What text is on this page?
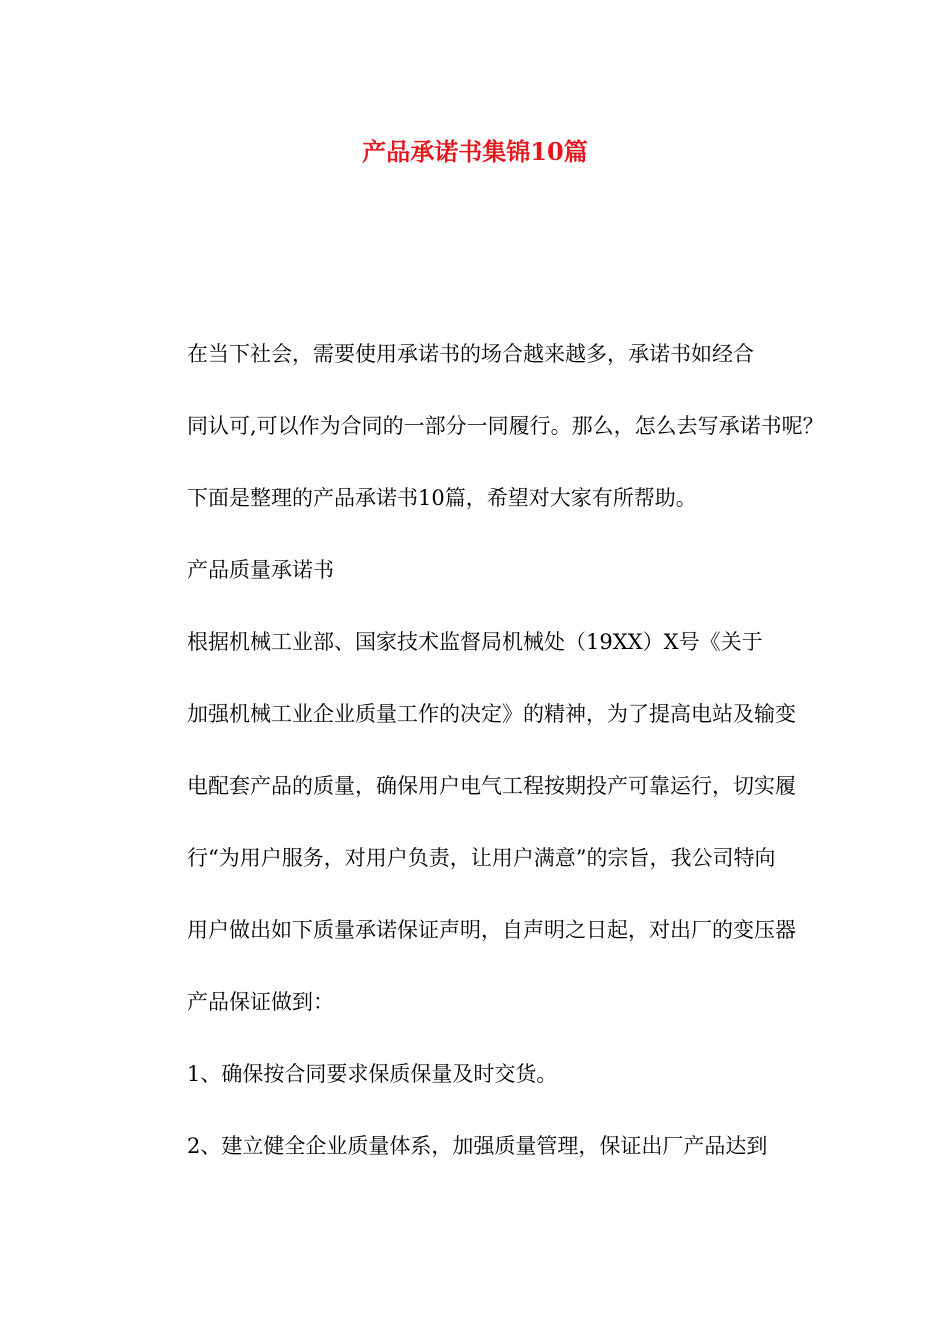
产品承诺书集锦10篇

在当下社会，需要使用承诺书的场合越来越多，承诺书如经合
同认可,可以作为合同的一部分一同履行。那么，怎么去写承诺书呢？
下面是整理的产品承诺书10篇，希望对大家有所帮助。

产品质量承诺书

根据机械工业部、国家技术监督局机械处（19XX）X号《关于
加强机械工业企业质量工作的决定》的精神，为了提高电站及输变
电配套产品的质量，确保用户电气工程按期投产可靠运行，切实履
行“为用户服务，对用户负责，让用户满意”的宗旨，我公司特向
用户做出如下质量承诺保证声明，自声明之日起，对出厂的变压器
产品保证做到：

1、确保按合同要求保质保量及时交货。

2、建立健全企业质量体系，加强质量管理，保证出厂产品达到
